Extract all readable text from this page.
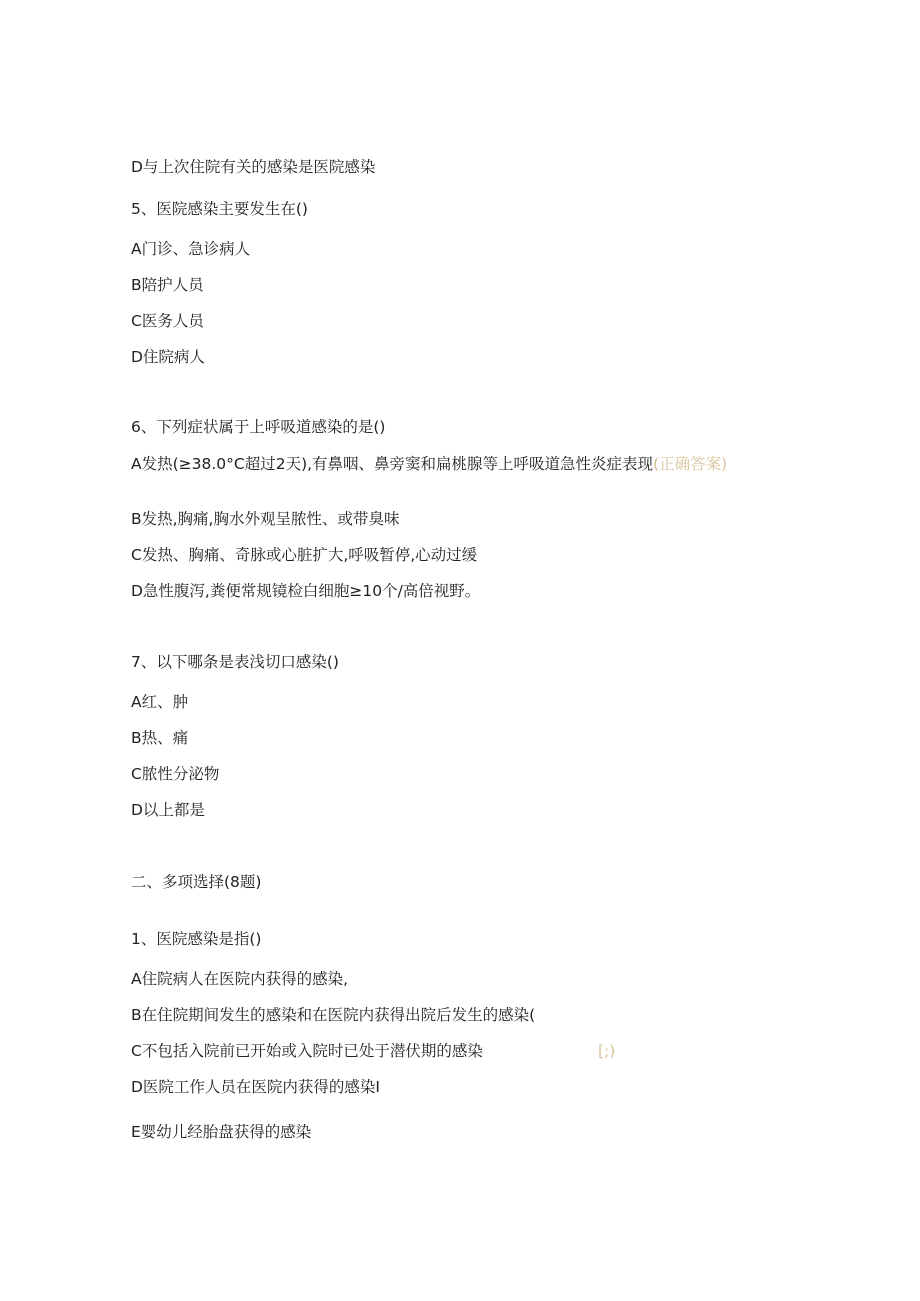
D与上次住院有关的感染是医院感染
5、医院感染主要发生在()
A门诊、急诊病人
B陪护人员
C医务人员
D住院病人
6、下列症状属于上呼吸道感染的是()
A发热(≥38.0°C超过2天),有鼻咽、鼻旁窦和扁桃腺等上呼吸道急性炎症表现(正确答案)
B发热,胸痛,胸水外观呈脓性、或带臭味
C发热、胸痛、奇脉或心脏扩大,呼吸暂停,心动过缓
D急性腹泻,粪便常规镜检白细胞≥10个/高倍视野。
7、以下哪条是表浅切口感染()
A红、肿
B热、痛
C脓性分泌物
D以上都是
二、多项选择(8题)
1、医院感染是指()
A住院病人在医院内获得的感染,
B在住院期间发生的感染和在医院内获得出院后发生的感染(
C不包括入院前已开始或入院时已处于潜伏期的感染	[;)
D医院工作人员在医院内获得的感染I
E婴幼儿经胎盘获得的感染
